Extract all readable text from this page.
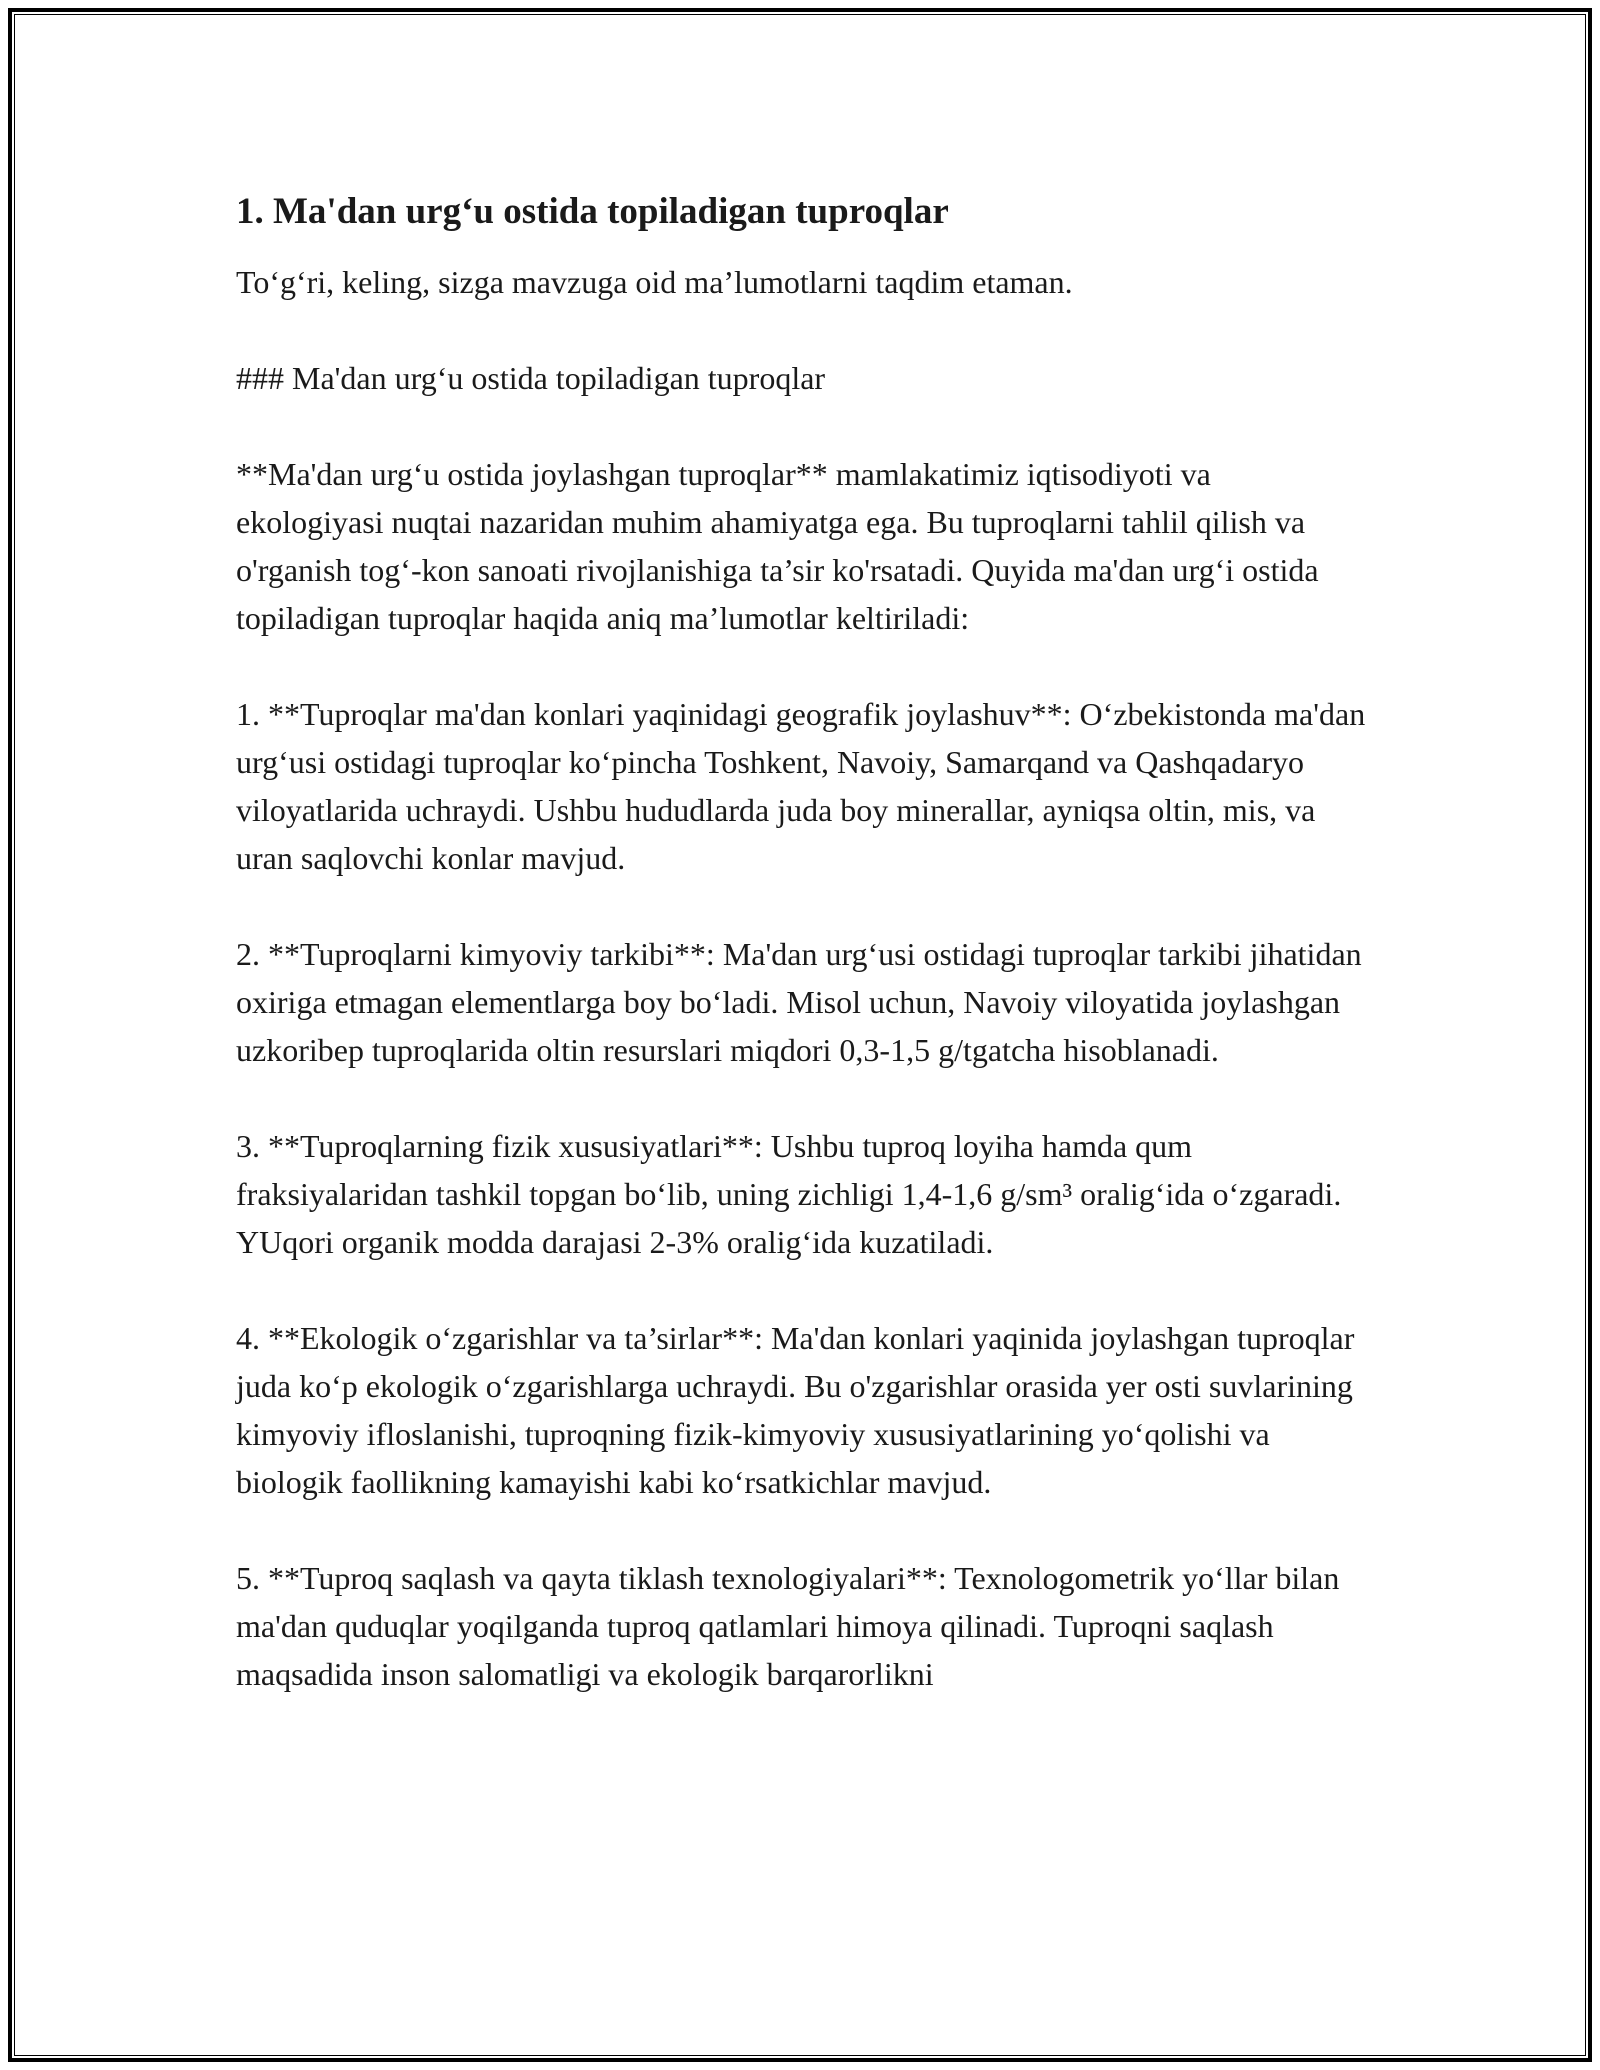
1. Ma'dan urg‘u ostida topiladigan tuproqlar

To‘g‘ri, keling, sizga mavzuga oid ma’lumotlarni taqdim etaman.

### Ma'dan urg‘u ostida topiladigan tuproqlar

**Ma'dan urg‘u ostida joylashgan tuproqlar** mamlakatimiz iqtisodiyoti va ekologiyasi nuqtai nazaridan muhim ahamiyatga ega. Bu tuproqlarni tahlil qilish va o'rganish tog‘-kon sanoati rivojlanishiga ta’sir ko'rsatadi. Quyida ma'dan urg‘i ostida topiladigan tuproqlar haqida aniq ma’lumotlar keltiriladi:

1. **Tuproqlar ma'dan konlari yaqinidagi geografik joylashuv**: O‘zbekistonda ma'dan urg‘usi ostidagi tuproqlar ko‘pincha Toshkent, Navoiy, Samarqand va Qashqadaryo viloyatlarida uchraydi. Ushbu hududlarda juda boy minerallar, ayniqsa oltin, mis, va uran saqlovchi konlar mavjud.

2. **Tuproqlarni kimyoviy tarkibi**: Ma'dan urg‘usi ostidagi tuproqlar tarkibi jihatidan oxiriga etmagan elementlarga boy bo‘ladi. Misol uchun, Navoiy viloyatida joylashgan uzkoribep tuproqlarida oltin resurslari miqdori 0,3-1,5 g/tgatcha hisoblanadi.

3. **Tuproqlarning fizik xususiyatlari**: Ushbu tuproq loyiha hamda qum fraksiyalaridan tashkil topgan bo‘lib, uning zichligi 1,4-1,6 g/sm³ oralig‘ida o‘zgaradi. YUqori organik modda darajasi 2-3% oralig‘ida kuzatiladi.

4. **Ekologik o‘zgarishlar va ta’sirlar**: Ma'dan konlari yaqinida joylashgan tuproqlar juda ko‘p ekologik o‘zgarishlarga uchraydi. Bu o'zgarishlar orasida yer osti suvlarining kimyoviy ifloslanishi, tuproqning fizik-kimyoviy xususiyatlarining yo‘qolishi va biologik faollikning kamayishi kabi ko‘rsatkichlar mavjud.

5. **Tuproq saqlash va qayta tiklash texnologiyalari**: Texnologometrik yo‘llar bilan ma'dan quduqlar yoqilganda tuproq qatlamlari himoya qilinadi. Tuproqni saqlash maqsadida inson salomatligi va ekologik barqarorlikni
